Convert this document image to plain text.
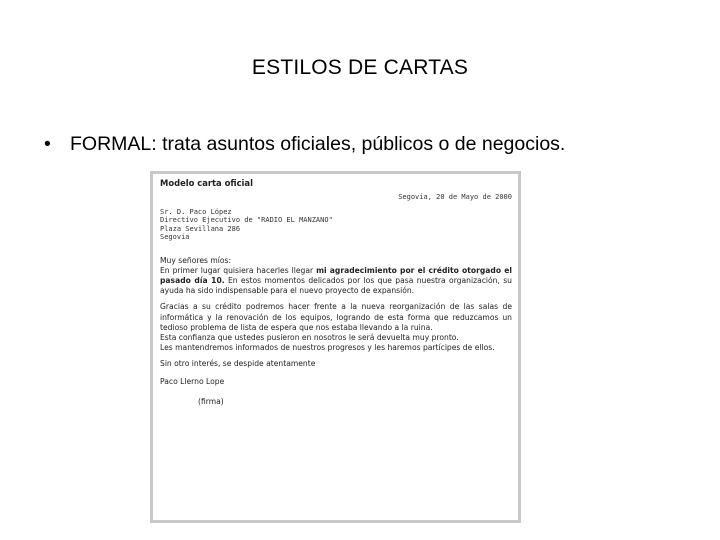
ESTILOS DE CARTAS
• FORMAL: trata asuntos oficiales, públicos o de negocios.
Modelo carta oficial
Segovia, 20 de Mayo de 2000
Sr. D. Paco López
Directivo Ejecutivo de "RADIO EL MANZANO"
Plaza Sevillana 286
Segovia
Muy señores míos:
En primer lugar quisiera hacerles llegar mi agradecimiento por el crédito otorgado el pasado día 10. En estos momentos delicados por los que pasa nuestra organización, su ayuda ha sido indispensable para el nuevo proyecto de expansión.
Gracias a su crédito podremos hacer frente a la nueva reorganización de las salas de informática y la renovación de los equipos, logrando de esta forma que reduzcamos un tedioso problema de lista de espera que nos estaba llevando a la ruina.
Esta confianza que ustedes pusieron en nosotros le será devuelta muy pronto.
Les mantendremos informados de nuestros progresos y les haremos partícipes de ellos.
Sin otro interés, se despide atentamente
Paco Llerno Lope
(firma)
